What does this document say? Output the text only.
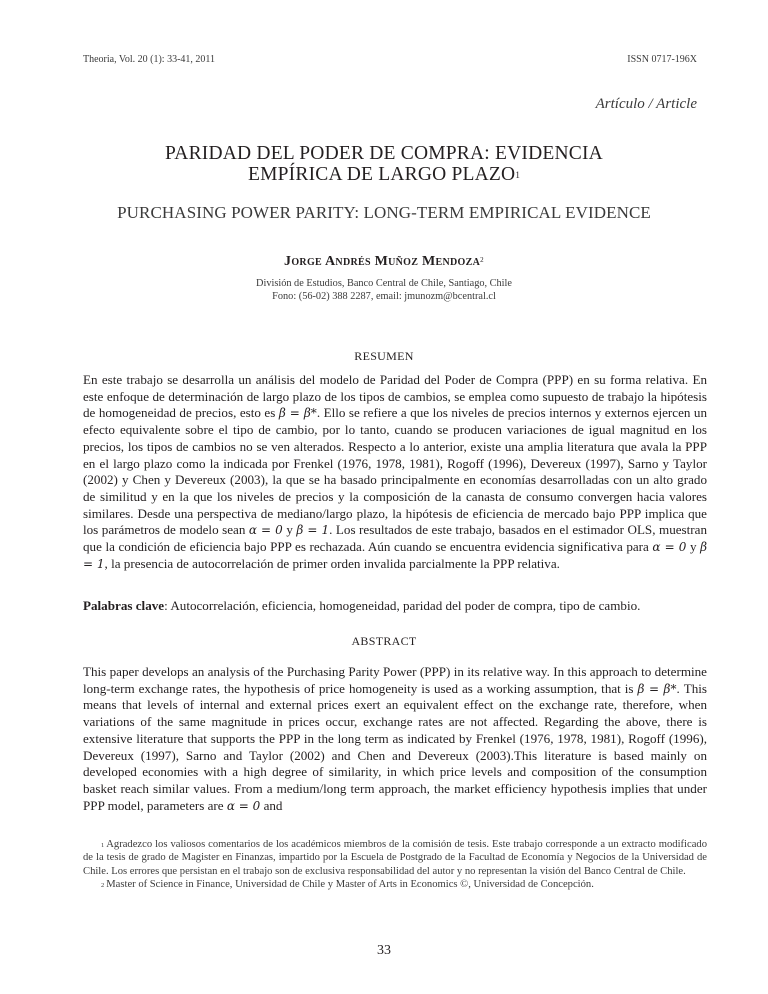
Theoria, Vol. 20 (1): 33-41, 2011	ISSN 0717-196X
Artículo / Article
PARIDAD DEL PODER DE COMPRA: EVIDENCIA
EMPÍRICA DE LARGO PLAZO$^1$
PURCHASING POWER PARITY: LONG-TERM EMPIRICAL EVIDENCE
Jorge Andrés Muñoz Mendoza$^2$
División de Estudios, Banco Central de Chile, Santiago, Chile
Fono: (56-02) 388 2287, email: jmunozm@bcentral.cl
RESUMEN
En este trabajo se desarrolla un análisis del modelo de Paridad del Poder de Compra (PPP) en su forma relativa. En este enfoque de determinación de largo plazo de los tipos de cambios, se emplea como supuesto de trabajo la hipótesis de homogeneidad de precios, esto es β = β*. Ello se refiere a que los niveles de precios internos y externos ejercen un efecto equivalente sobre el tipo de cambio, por lo tanto, cuando se producen variaciones de igual magnitud en los precios, los tipos de cambios no se ven alterados. Respecto a lo anterior, existe una amplia literatura que avala la PPP en el largo plazo como la indicada por Frenkel (1976, 1978, 1981), Rogoff (1996), Devereux (1997), Sarno y Taylor (2002) y Chen y Devereux (2003), la que se ha basado principalmente en economías desarrolladas con un alto grado de similitud y en la que los niveles de precios y la composición de la canasta de consumo convergen hacia valores similares. Desde una perspectiva de mediano/largo plazo, la hipótesis de eficiencia de mercado bajo PPP implica que los parámetros de modelo sean α = 0 y β = 1. Los resultados de este trabajo, basados en el estimador OLS, muestran que la condición de eficiencia bajo PPP es rechazada. Aún cuando se encuentra evidencia significativa para α = 0 y β = 1, la presencia de autocorrelación de primer orden invalida parcialmente la PPP relativa.
Palabras clave: Autocorrelación, eficiencia, homogeneidad, paridad del poder de compra, tipo de cambio.
ABSTRACT
This paper develops an analysis of the Purchasing Parity Power (PPP) in its relative way. In this approach to determine long-term exchange rates, the hypothesis of price homogeneity is used as a working assumption, that is β = β*. This means that levels of internal and external prices exert an equivalent effect on the exchange rate, therefore, when variations of the same magnitude in prices occur, exchange rates are not affected. Regarding the above, there is extensive literature that supports the PPP in the long term as indicated by Frenkel (1976, 1978, 1981), Rogoff (1996), Devereux (1997), Sarno and Taylor (2002) and Chen and Devereux (2003).This literature is based mainly on developed economies with a high degree of similarity, in which price levels and composition of the consumption basket reach similar values. From a medium/long term approach, the market efficiency hypothesis implies that under PPP model, parameters are α = 0 and

$^1$ Agradezco los valiosos comentarios de los académicos miembros de la comisión de tesis. Este trabajo corresponde a un extracto modificado de la tesis de grado de Magister en Finanzas, impartido por la Escuela de Postgrado de la Facultad de Economía y Negocios de la Universidad de Chile. Los errores que persistan en el trabajo son de exclusiva responsabilidad del autor y no representan la visión del Banco Central de Chile.

$^2$ Master of Science in Finance, Universidad de Chile y Master of Arts in Economics ©, Universidad de Concepción.

33
